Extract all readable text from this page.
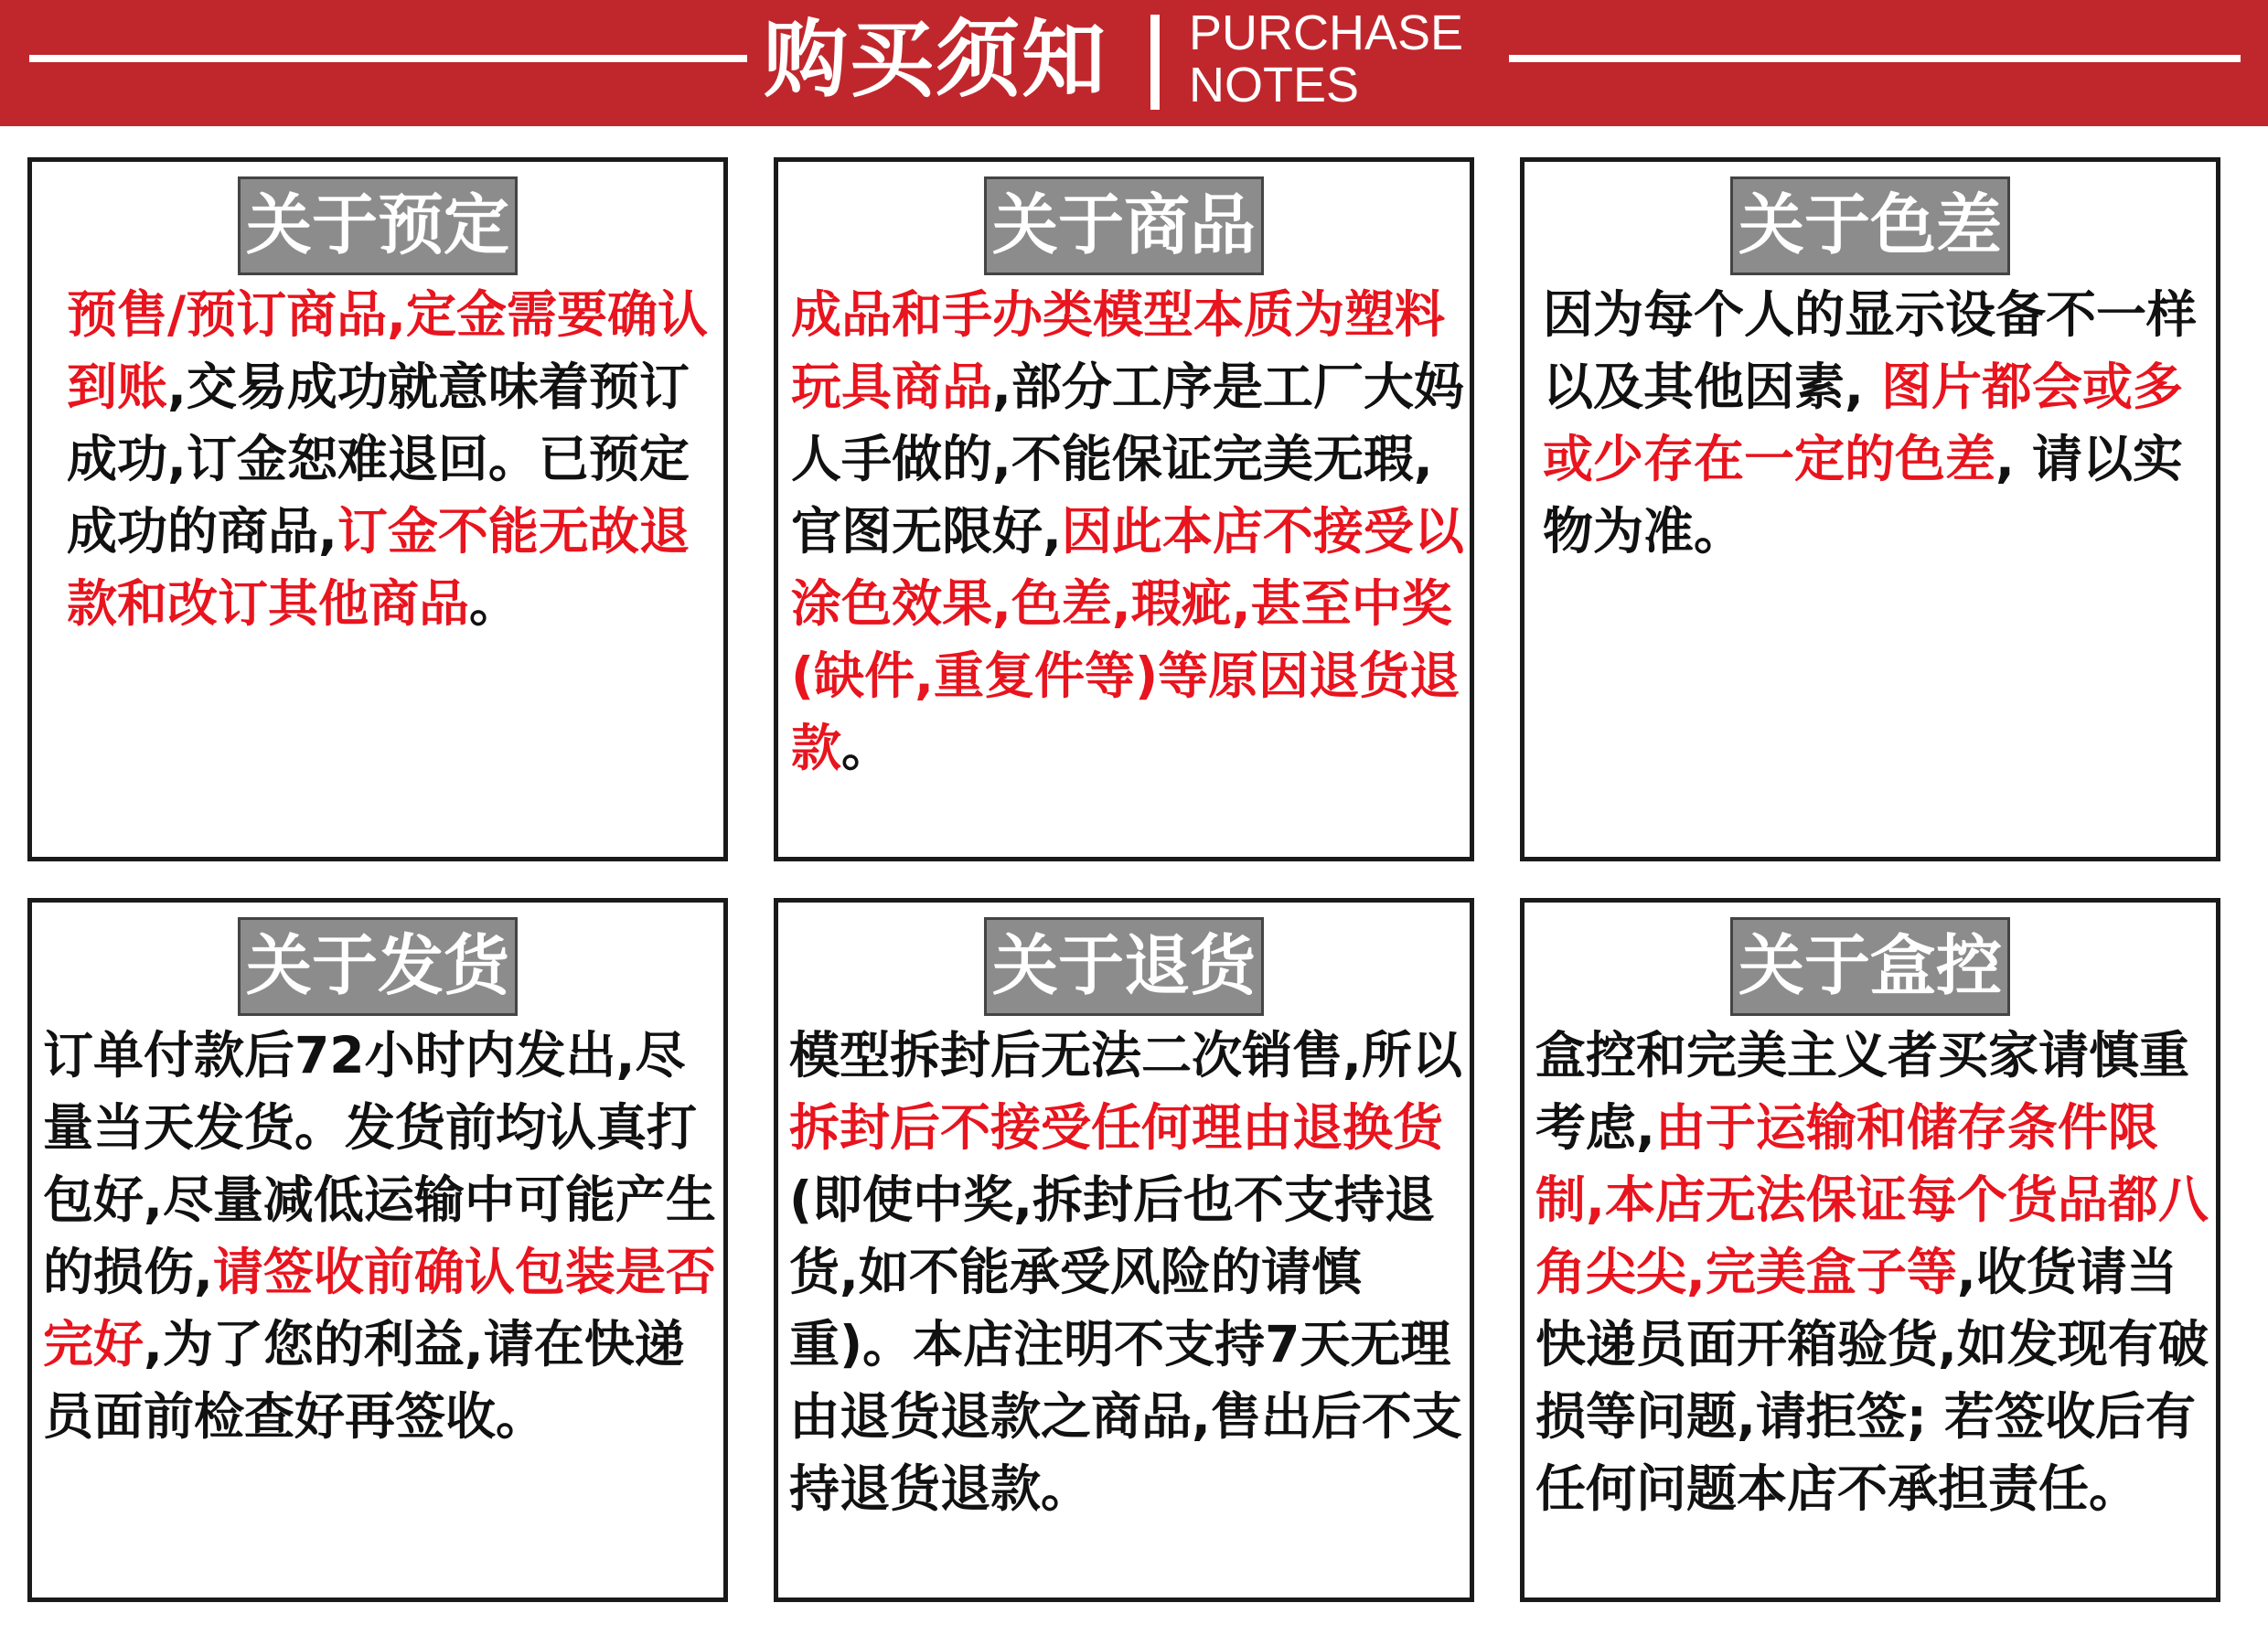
购买须知 PURCHASE
NOTES
关于预定
预售/预订商品,定金需要确认到账,交易成功就意味着预订成功,订金恕难退回。已预定成功的商品,订金不能无故退款和改订其他商品。
关于商品
成品和手办类模型本质为塑料玩具商品,部分工序是工厂大妈人手做的,不能保证完美无瑕,官图无限好,因此本店不接受以涂色效果,色差,瑕疵,甚至中奖(缺件,重复件等)等原因退货退款。
关于色差
因为每个人的显示设备不一样以及其他因素, 图片都会或多或少存在一定的色差, 请以实物为准。
关于发货
订单付款后72小时内发出,尽量当天发货。发货前均认真打包好,尽量减低运输中可能产生的损伤,请签收前确认包装是否完好,为了您的利益,请在快递员面前检查好再签收。
关于退货
模型拆封后无法二次销售,所以拆封后不接受任何理由退换货(即使中奖,拆封后也不支持退货,如不能承受风险的请慎重)。本店注明不支持7天无理由退货退款之商品,售出后不支持退货退款。
关于盒控
盒控和完美主义者买家请慎重考虑,由于运输和储存条件限制,本店无法保证每个货品都八角尖尖,完美盒子等,收货请当快递员面开箱验货,如发现有破损等问题,请拒签; 若签收后有任何问题本店不承担责任。
